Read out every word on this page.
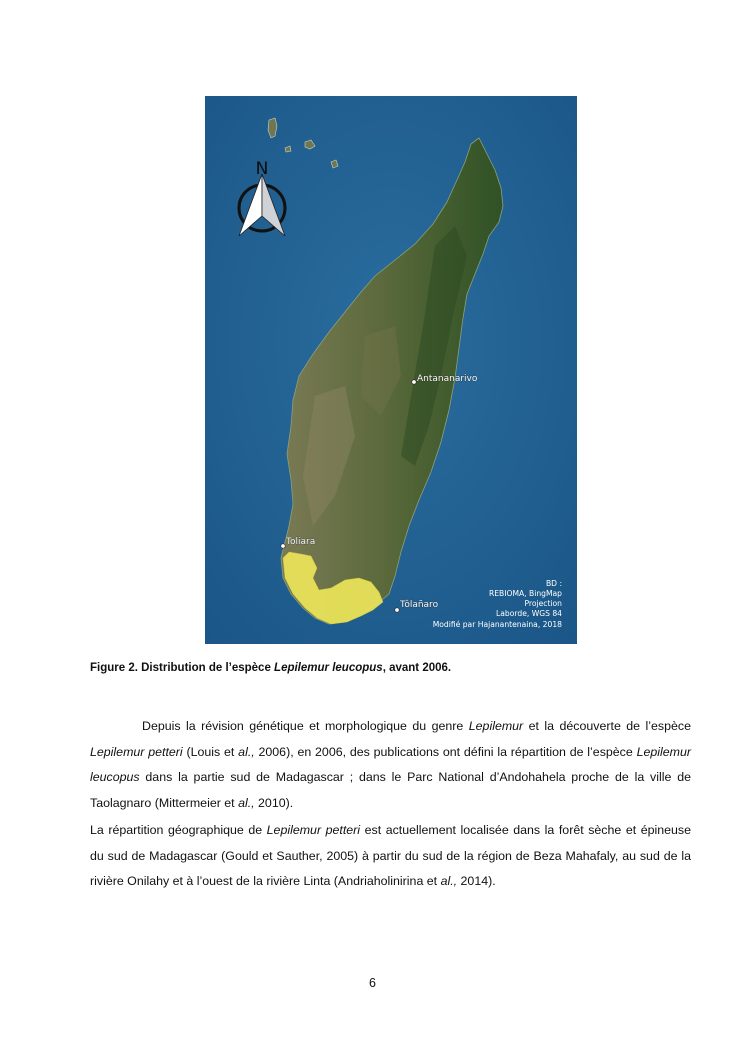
N
Antananarivo
Toliara
Tôlañaro
BD :
REBIOMA, BingMap
Projection
Laborde, WGS 84
Modifié par Hajanantenaina, 2018

Figure 2. Distribution de l’espèce Lepilemur leucopus, avant 2006.

Depuis la révision génétique et morphologique du genre Lepilemur et la découverte de l’espèce Lepilemur petteri (Louis et al., 2006), en 2006, des publications ont défini la répartition de l’espèce Lepilemur leucopus dans la partie sud de Madagascar ; dans le Parc National d’Andohahela proche de la ville de Taolagnaro (Mittermeier et al., 2010).

La répartition géographique de Lepilemur petteri est actuellement localisée dans la forêt sèche et épineuse du sud de Madagascar (Gould et Sauther, 2005) à partir du sud de la région de Beza Mahafaly, au sud de la rivière Onilahy et à l’ouest de la rivière Linta (Andriaholinirina et al., 2014).

6
